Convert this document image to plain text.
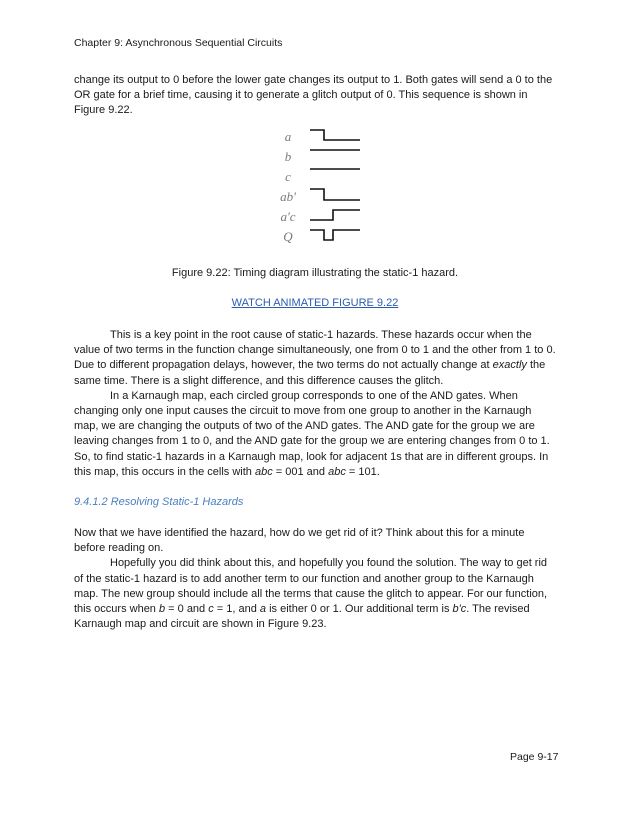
Chapter 9: Asynchronous Sequential Circuits

change its output to 0 before the lower gate changes its output to 1. Both gates will send a 0 to the OR gate for a brief time, causing it to generate a glitch output of 0. This sequence is shown in Figure 9.22.

a
b
c
ab'
a'c
Q
Figure 9.22: Timing diagram illustrating the static-1 hazard.
WATCH ANIMATED FIGURE 9.22

This is a key point in the root cause of static-1 hazards. These hazards occur when the value of two terms in the function change simultaneously, one from 0 to 1 and the other from 1 to 0. Due to different propagation delays, however, the two terms do not actually change at exactly the same time. There is a slight difference, and this difference causes the glitch.
In a Karnaugh map, each circled group corresponds to one of the AND gates. When changing only one input causes the circuit to move from one group to another in the Karnaugh map, we are changing the outputs of two of the AND gates. The AND gate for the group we are leaving changes from 1 to 0, and the AND gate for the group we are entering changes from 0 to 1. So, to find static-1 hazards in a Karnaugh map, look for adjacent 1s that are in different groups. In this map, this occurs in the cells with abc = 001 and abc = 101.

9.4.1.2 Resolving Static-1 Hazards

Now that we have identified the hazard, how do we get rid of it? Think about this for a minute before reading on.
Hopefully you did think about this, and hopefully you found the solution. The way to get rid of the static-1 hazard is to add another term to our function and another group to the Karnaugh map. The new group should include all the terms that cause the glitch to appear. For our function, this occurs when b = 0 and c = 1, and a is either 0 or 1. Our additional term is b'c. The revised Karnaugh map and circuit are shown in Figure 9.23.

Page 9-17
